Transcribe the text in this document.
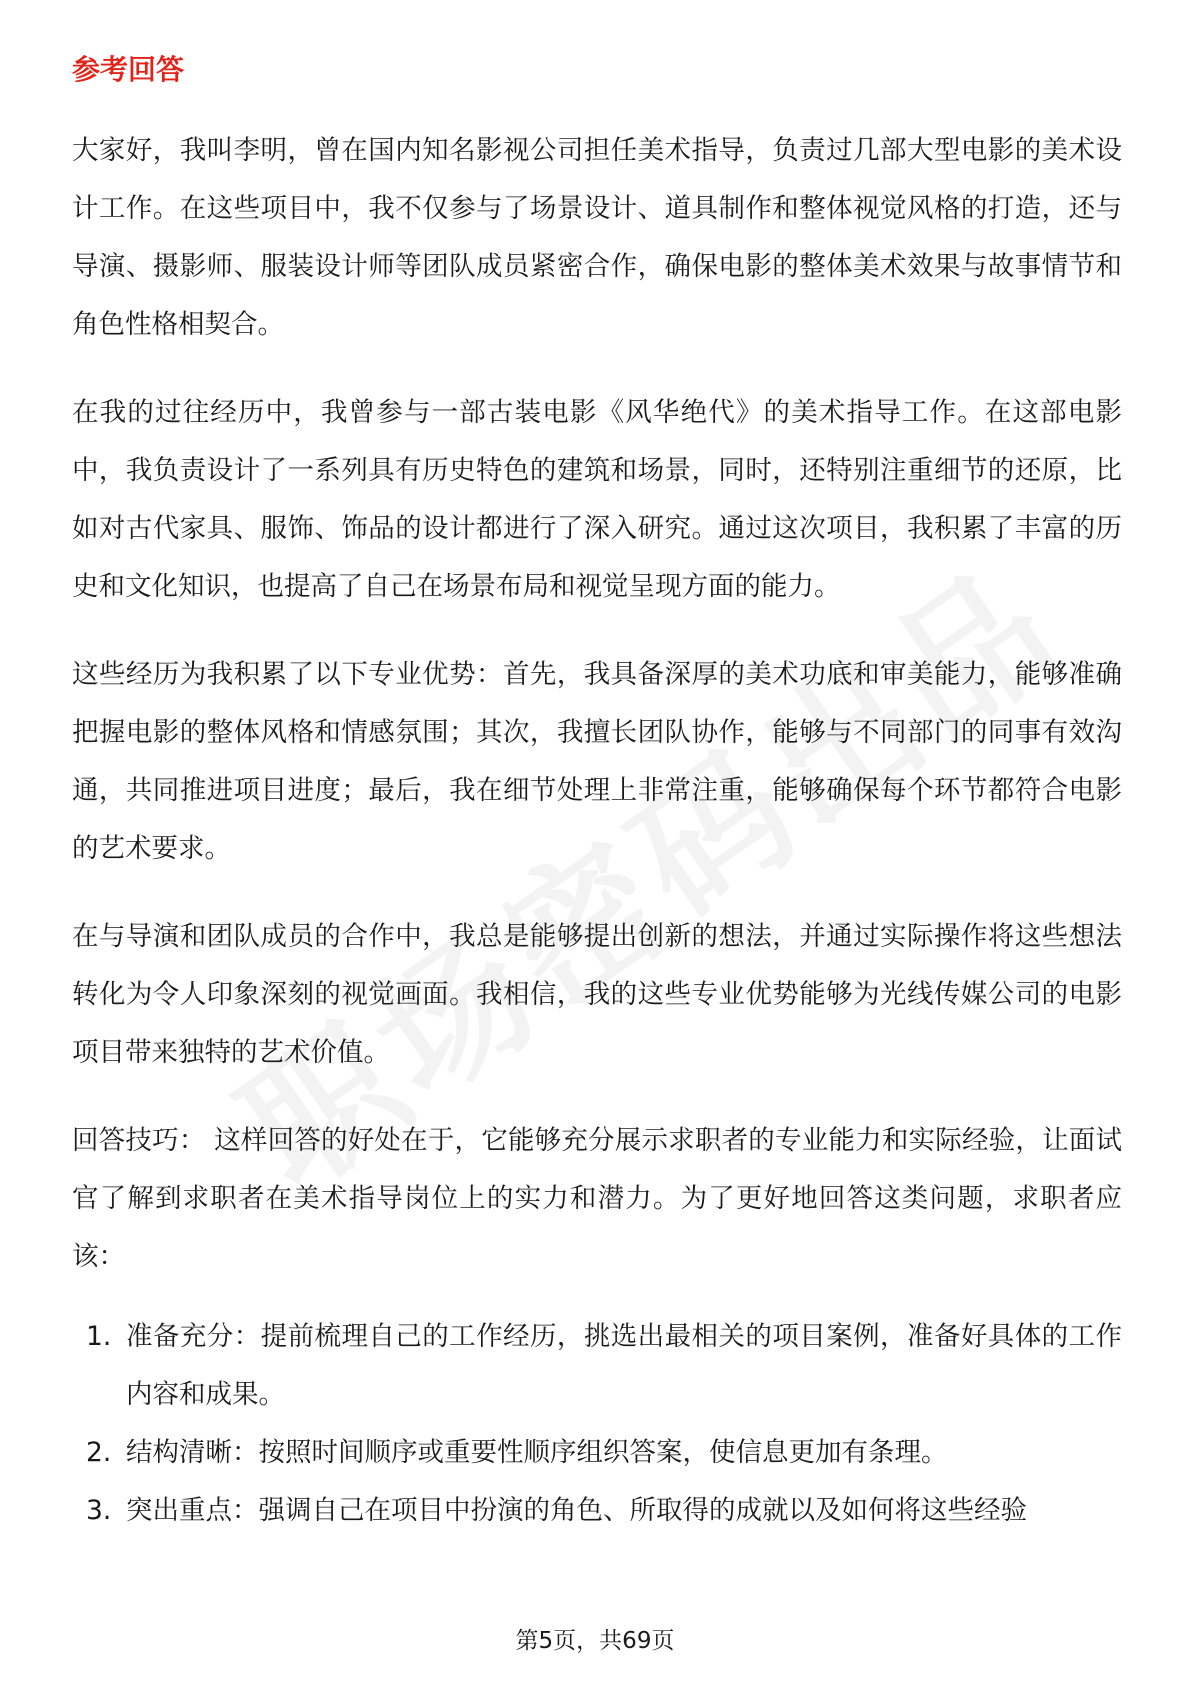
参考回答

大家好，我叫李明，曾在国内知名影视公司担任美术指导，负责过几部大型电影的美术设计工作。在这些项目中，我不仅参与了场景设计、道具制作和整体视觉风格的打造，还与导演、摄影师、服装设计师等团队成员紧密合作，确保电影的整体美术效果与故事情节和角色性格相契合。

在我的过往经历中，我曾参与一部古装电影《风华绝代》的美术指导工作。在这部电影中，我负责设计了一系列具有历史特色的建筑和场景，同时，还特别注重细节的还原，比如对古代家具、服饰、饰品的设计都进行了深入研究。通过这次项目，我积累了丰富的历史和文化知识，也提高了自己在场景布局和视觉呈现方面的能力。

这些经历为我积累了以下专业优势：首先，我具备深厚的美术功底和审美能力，能够准确把握电影的整体风格和情感氛围；其次，我擅长团队协作，能够与不同部门的同事有效沟通，共同推进项目进度；最后，我在细节处理上非常注重，能够确保每个环节都符合电影的艺术要求。

在与导演和团队成员的合作中，我总是能够提出创新的想法，并通过实际操作将这些想法转化为令人印象深刻的视觉画面。我相信，我的这些专业优势能够为光线传媒公司的电影项目带来独特的艺术价值。

回答技巧： 这样回答的好处在于，它能够充分展示求职者的专业能力和实际经验，让面试官了解到求职者在美术指导岗位上的实力和潜力。为了更好地回答这类问题，求职者应该：

1. 准备充分：提前梳理自己的工作经历，挑选出最相关的项目案例，准备好具体的工作内容和成果。
2. 结构清晰：按照时间顺序或重要性顺序组织答案，使信息更加有条理。
3. 突出重点：强调自己在项目中扮演的角色、所取得的成就以及如何将这些经验
第5页，共69页
